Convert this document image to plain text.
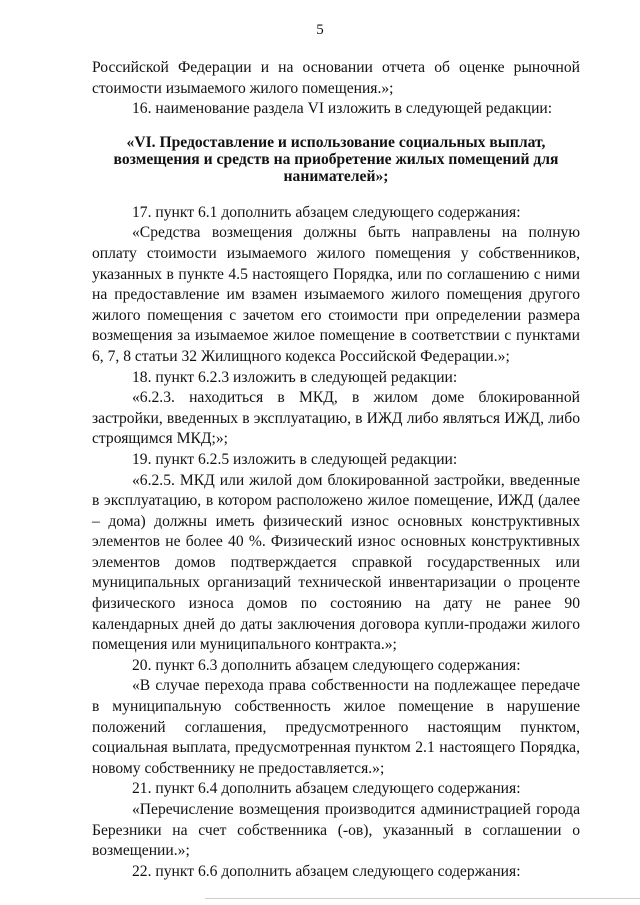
5

Российской Федерации и на основании отчета об оценке рыночной стоимости изымаемого жилого помещения.»;

16. наименование раздела VI изложить в следующей редакции:

«VI. Предоставление и использование социальных выплат, возмещения и средств на приобретение жилых помещений для нанимателей»;

17. пункт 6.1 дополнить абзацем следующего содержания:

«Средства возмещения должны быть направлены на полную оплату стоимости изымаемого жилого помещения у собственников, указанных в пункте 4.5 настоящего Порядка, или по соглашению с ними на предоставление им взамен изымаемого жилого помещения другого жилого помещения с зачетом его стоимости при определении размера возмещения за изымаемое жилое помещение в соответствии с пунктами 6, 7, 8 статьи 32 Жилищного кодекса Российской Федерации.»;

18. пункт 6.2.3 изложить в следующей редакции:

«6.2.3. находиться в МКД, в жилом доме блокированной застройки, введенных в эксплуатацию, в ИЖД либо являться ИЖД, либо строящимся МКД;»;

19. пункт 6.2.5 изложить в следующей редакции:

«6.2.5. МКД или жилой дом блокированной застройки, введенные в эксплуатацию, в котором расположено жилое помещение, ИЖД (далее – дома) должны иметь физический износ основных конструктивных элементов не более 40 %. Физический износ основных конструктивных элементов домов подтверждается справкой государственных или муниципальных организаций технической инвентаризации о проценте физического износа домов по состоянию на дату не ранее 90 календарных дней до даты заключения договора купли-продажи жилого помещения или муниципального контракта.»;

20. пункт 6.3 дополнить абзацем следующего содержания:

«В случае перехода права собственности на подлежащее передаче в муниципальную собственность жилое помещение в нарушение положений соглашения, предусмотренного настоящим пунктом, социальная выплата, предусмотренная пунктом 2.1 настоящего Порядка, новому собственнику не предоставляется.»;

21. пункт 6.4 дополнить абзацем следующего содержания:

«Перечисление возмещения производится администрацией города Березники на счет собственника (-ов), указанный в соглашении о возмещении.»;

22. пункт 6.6 дополнить абзацем следующего содержания:
